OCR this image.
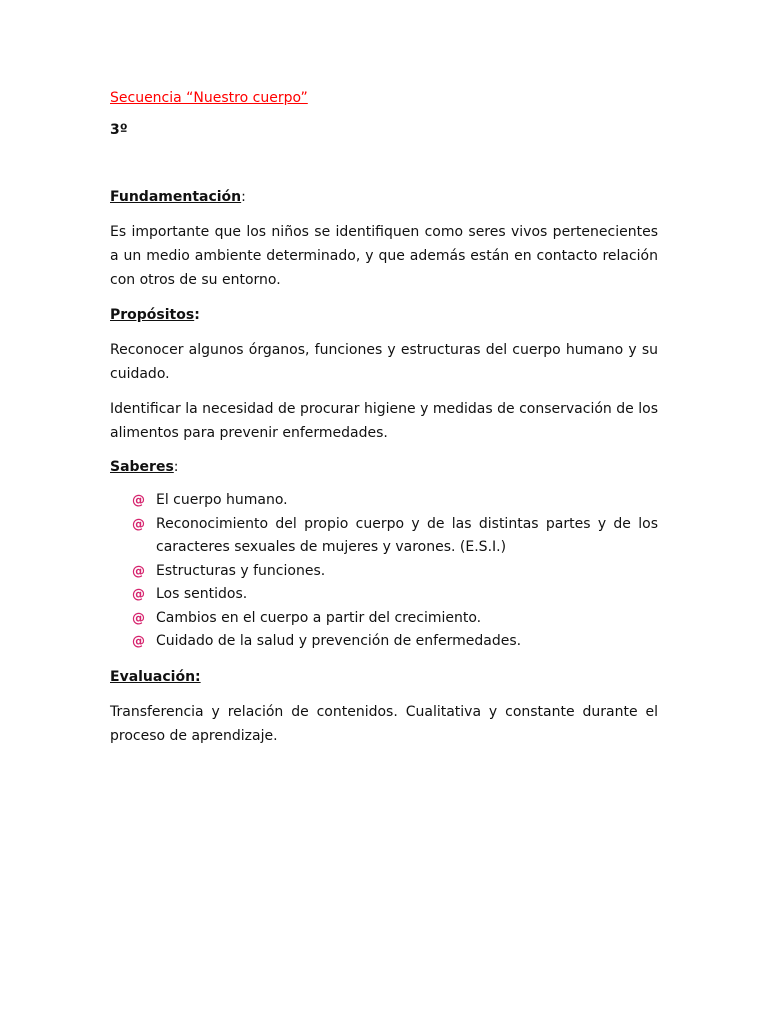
Secuencia “Nuestro cuerpo”
3º
Fundamentación:

Es importante que los niños se identifiquen como seres vivos pertenecientes a un medio ambiente determinado, y que además están en contacto relación con otros de su entorno.

Propósitos:

Reconocer algunos órganos, funciones y estructuras del cuerpo humano y su cuidado.

Identificar la necesidad de procurar higiene y medidas de conservación de los alimentos para prevenir enfermedades.

Saberes:
@ El cuerpo humano.
@ Reconocimiento del propio cuerpo y de las distintas partes y de los caracteres sexuales de mujeres y varones. (E.S.I.)
@ Estructuras y funciones.
@ Los sentidos.
@ Cambios en el cuerpo a partir del crecimiento.
@ Cuidado de la salud y prevención de enfermedades.
Evaluación:

Transferencia y relación de contenidos. Cualitativa y constante durante el proceso de aprendizaje.
